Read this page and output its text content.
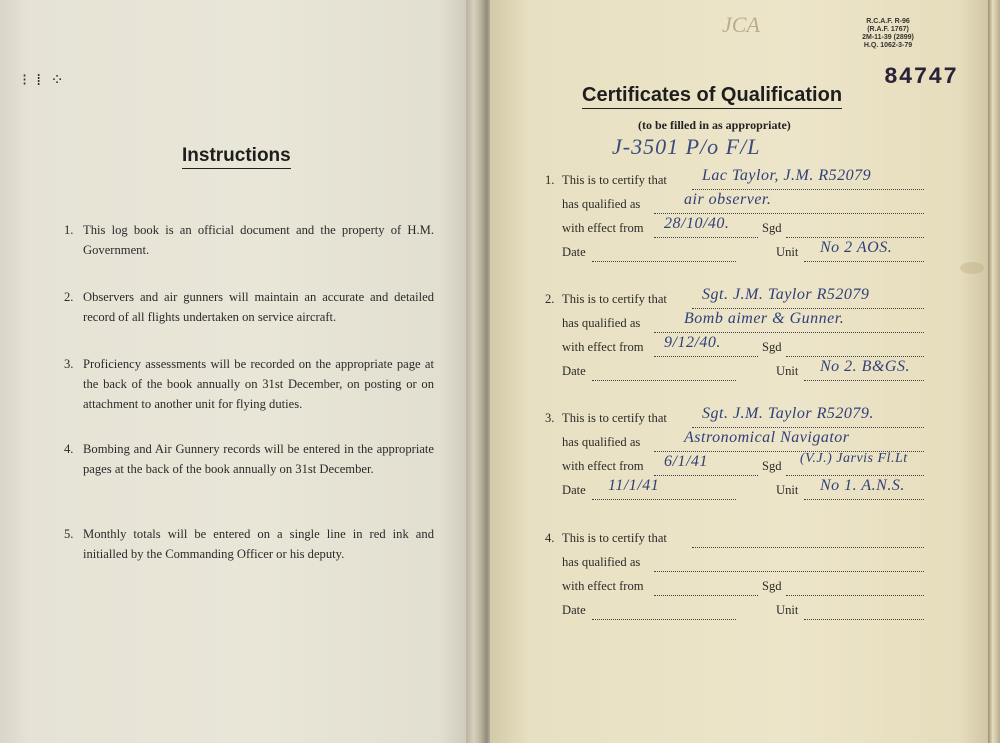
⁝ ⁞ ⁘
Instructions

1. This log book is an official document and the property of H.M. Government.

2. Observers and air gunners will maintain an accurate and detailed record of all flights undertaken on service aircraft.

3. Proficiency assessments will be recorded on the appropriate page at the back of the book annually on 31st December, on posting or on attachment to another unit for flying duties.

4. Bombing and Air Gunnery records will be entered in the appropriate pages at the back of the book annually on 31st December.

5. Monthly totals will be entered on a single line in red ink and initialled by the Commanding Officer or his deputy.

JCA	R.C.A.F. R-96
(R.A.F. 1767)
2M-11-39 (2899)
H.Q. 1062-3-79
84747
Certificates of Qualification
(to be filled in as appropriate)
J-3501 P/o F/L
1. This is to certify that Lac Taylor, J.M. R52079
has qualified as	air observer.
with effect from 28/10/40.	Sgd
Date	Unit No 2 AOS.
2. This is to certify that Sgt. J.M. Taylor R52079
has qualified as	Bomb aimer & Gunner.
with effect from 9/12/40.	Sgd
Date	Unit No 2. B&GS.
3. This is to certify that Sgt. J.M. Taylor R52079.
has qualified as	Astronomical Navigator
with effect from 6/1/41	Sgd (V.J.) Jarvis Fl.Lt
Date 11/1/41	Unit No 1. A.N.S.
4. This is to certify that
has qualified as
with effect from	Sgd
Date	Unit
